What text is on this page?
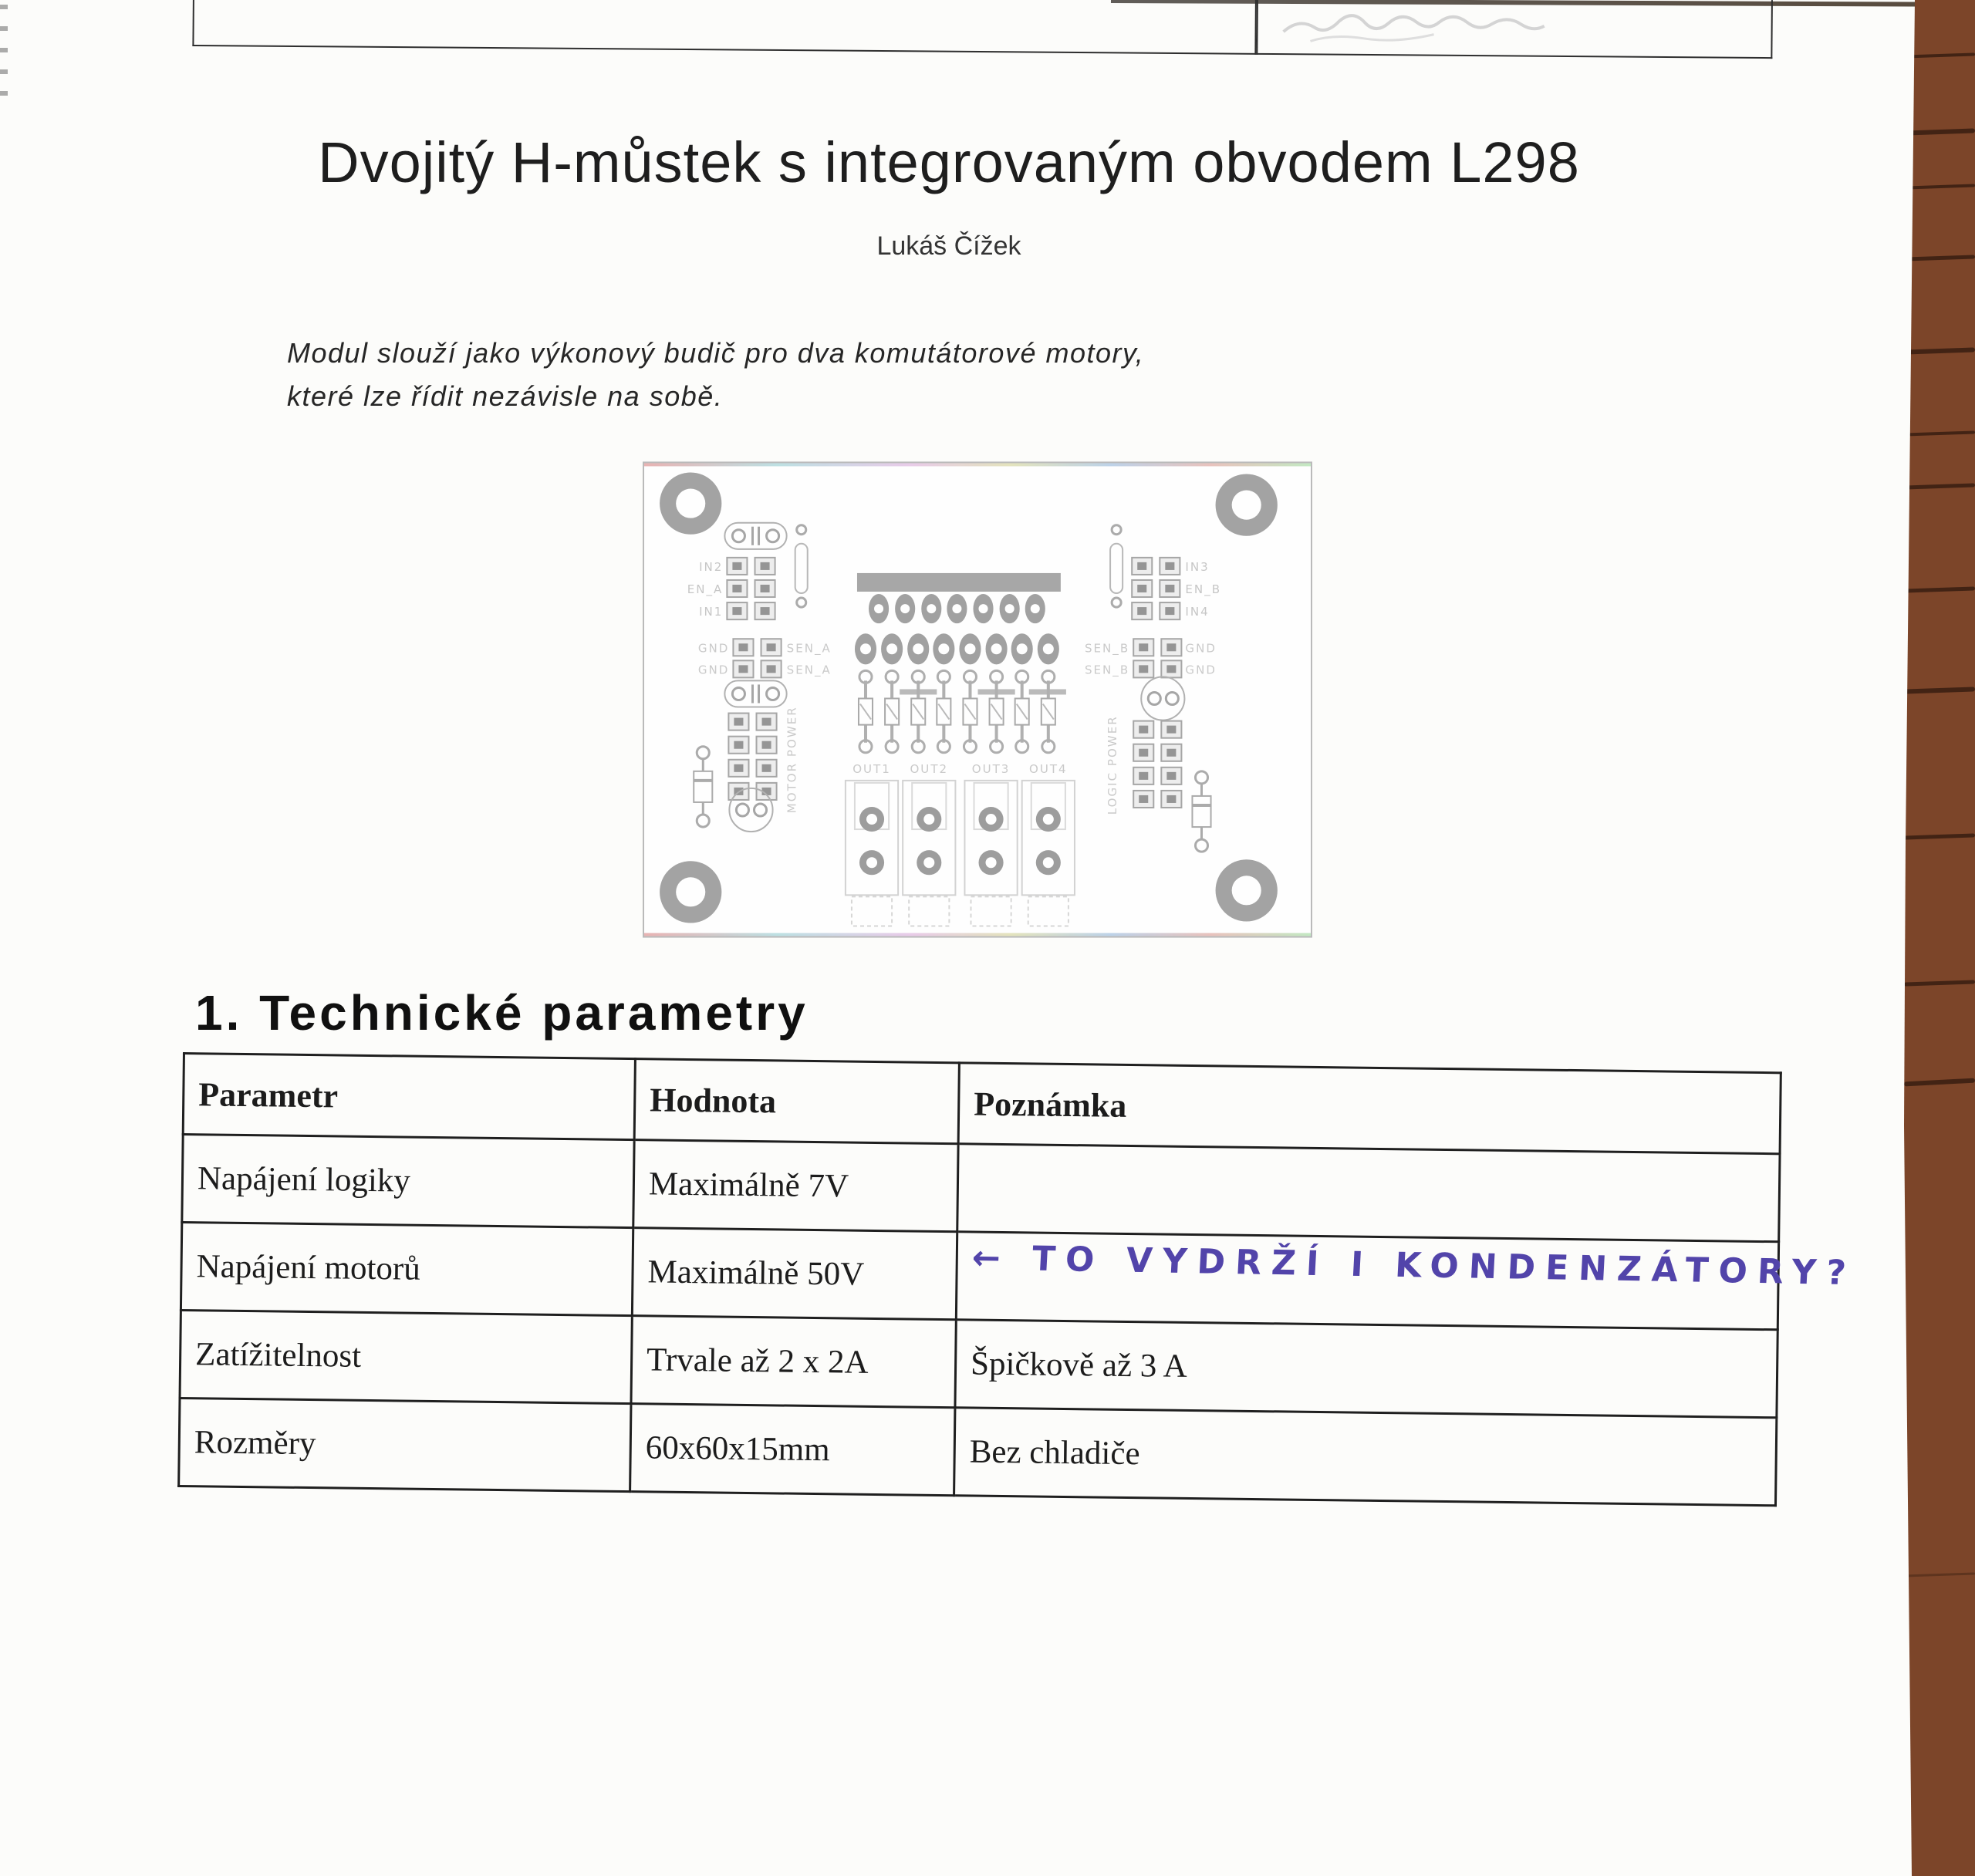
Dvojitý H-můstek s integrovaným obvodem L298
Lukáš Čížek
Modul slouží jako výkonový budič pro dva komutátorové motory,
které lze řídit nezávisle na sobě.
IN2
EN_A
IN1
GND
GND
SEN_A
SEN_A
MOTOR POWER
IN3
EN_B
IN4
SEN_B
SEN_B
GND
GND
LOGIC POWER
OUT1 OUT2 OUT3 OUT4
1. Technické parametry
Parametr	Hodnota	Poznámka
Napájení logiky	Maximálně 7V	
Napájení motorů	Maximálně 50V	← TO VYDRŽÍ I KONDENZÁTORY?

Zatížitelnost	Trvale až 2 x 2A	Špičkově až 3 A
Rozměry	60x60x15mm	Bez chladiče
